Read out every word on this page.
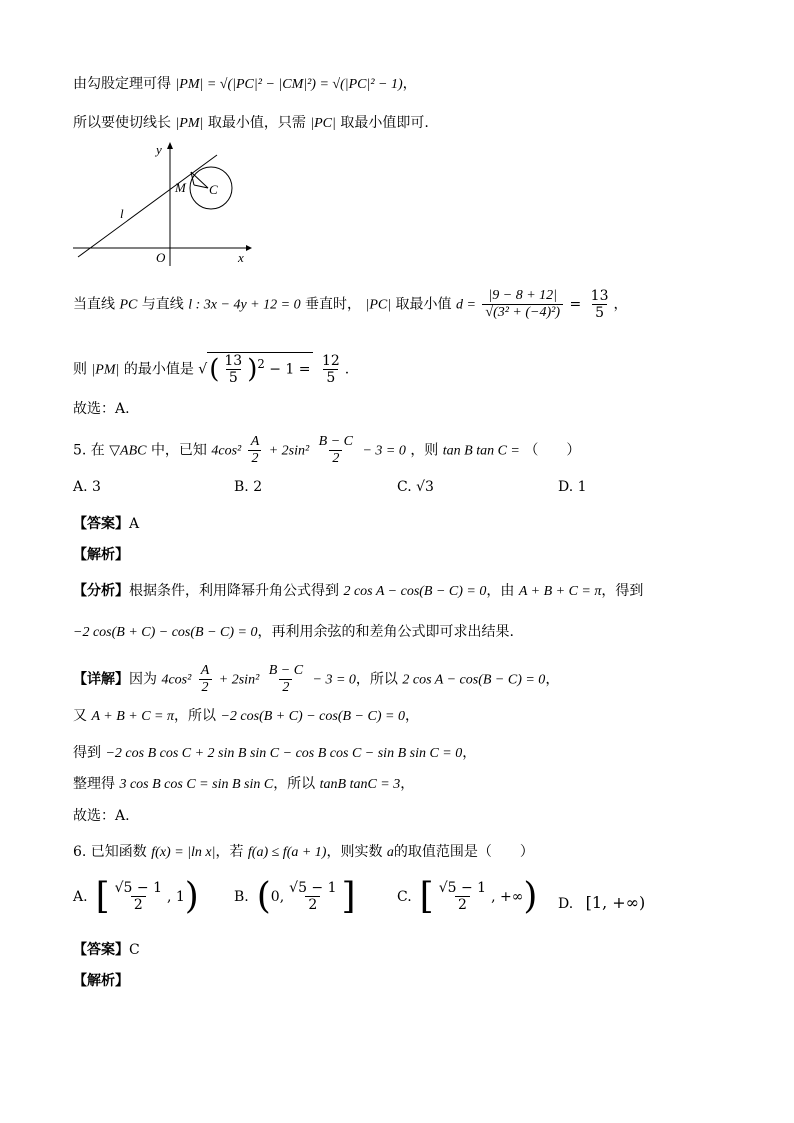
由勾股定理可得 |PM| = √(|PC|² − |CM|²) = √(|PC|² − 1)，
所以要使切线长 |PM| 取最小值，只需 |PC| 取最小值即可.
y
x
O
l
M C
当直线 PC 与直线 l : 3x − 4y + 12 = 0 垂直时， |PC| 取最小值 $d = \frac{|9 - 8 + 12|}{\text{√(3² + (−4)²)}} = \frac{13}{5}$ ，
则 |PM| 的最小值是 √( $\frac{13}{5} )^2 - 1 = \frac{12}{5}$ .
故选：A.
5. 在 ▽ABC 中，已知 $4\cos^2 \frac{A}{2} + 2\sin^2 \frac{B - C}{2} - 3 = 0$ ，则 tan B tan C = （　　）
A. 3	B. 2	C. √3	D. 1
【答案】A
【解析】
【分析】根据条件，利用降幂升角公式得到 2 cos A − cos(B − C) = 0，由 A + B + C = π，得到
−2 cos(B + C) − cos(B − C) = 0，再利用余弦的和差角公式即可求出结果.
【详解】因为 $4\cos^2 \frac{A}{2} + 2\sin^2 \frac{B - C}{2} - 3 = 0$，所以 2 cos A − cos(B − C) = 0，
又 A + B + C = π，所以 −2 cos(B + C) − cos(B − C) = 0，
得到 −2 cos B cos C + 2 sin B sin C − cos B cos C − sin B sin C = 0，
整理得 3 cos B cos C = sin B sin C，所以 tanB tanC = 3，
故选：A.
6. 已知函数 f(x) = |ln x|，若 f(a) ≤ f(a + 1)，则实数 a的取值范围是（　　）
A. [ $\frac{√5 - 1}{2}$ , 1 )	B. ( 0, $\frac{√5 - 1}{2}$ ]	C. [ $\frac{√5 - 1}{2}$ , +∞ ) D. [1, +∞)
【答案】C
【解析】
